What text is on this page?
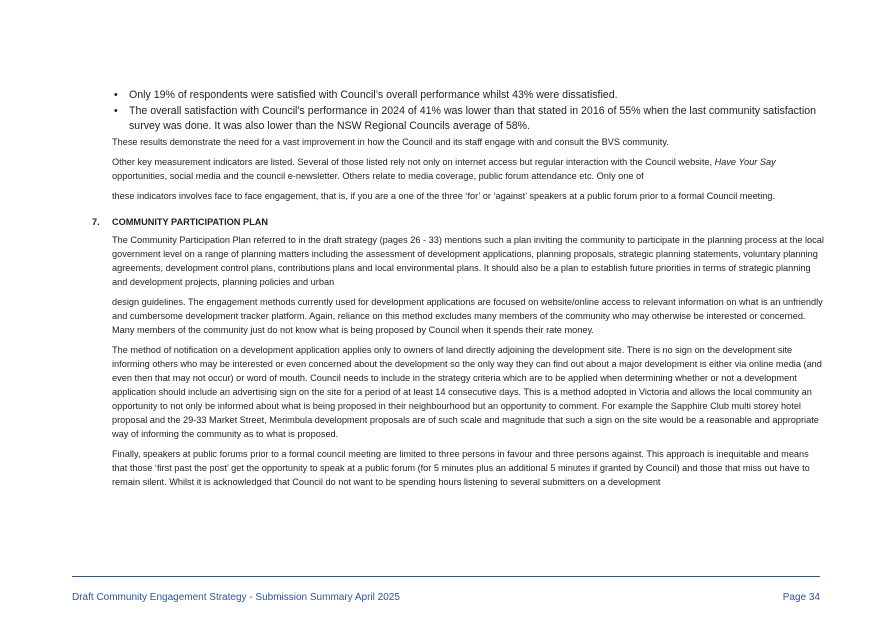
• Only 19% of respondents were satisfied with Council’s overall performance whilst 43% were dissatisfied.
• The overall satisfaction with Council’s performance in 2024 of 41% was lower than that stated in 2016 of 55% when the last community satisfaction survey was done. It was also lower than the NSW Regional Councils average of 58%.

These results demonstrate the need for a vast improvement in how the Council and its staff engage with and consult the BVS community.

Other key measurement indicators are listed. Several of those listed rely not only on internet access but regular interaction with the Council website, Have Your Say opportunities, social media and the council e-newsletter. Others relate to media coverage, public forum attendance etc. Only one of

these indicators involves face to face engagement, that is, if you are a one of the three ‘for’ or ‘against’ speakers at a public forum prior to a formal Council meeting.

7. COMMUNITY PARTICIPATION PLAN

The Community Participation Plan referred to in the draft strategy (pages 26 - 33) mentions such a plan inviting the community to participate in the planning process at the local government level on a range of planning matters including the assessment of development applications, planning proposals, strategic planning statements, voluntary planning agreements, development control plans, contributions plans and local environmental plans. It should also be a plan to establish future priorities in terms of strategic planning and development projects, planning policies and urban

design guidelines. The engagement methods currently used for development applications are focused on website/online access to relevant information on what is an unfriendly and cumbersome development tracker platform. Again, reliance on this method excludes many members of the community who may otherwise be interested or concerned. Many members of the community just do not know what is being proposed by Council when it spends their rate money.

The method of notification on a development application applies only to owners of land directly adjoining the development site. There is no sign on the development site informing others who may be interested or even concerned about the development so the only way they can find out about a major development is either via online media (and even then that may not occur) or word of mouth. Council needs to include in the strategy criteria which are to be applied when determining whether or not a development application should include an advertising sign on the site for a period of at least 14 consecutive days. This is a method adopted in Victoria and allows the local community an opportunity to not only be informed about what is being proposed in their neighbourhood but an opportunity to comment. For example the Sapphire Club multi storey hotel proposal and the 29-33 Market Street, Merimbula development proposals are of such scale and magnitude that such a sign on the site would be a reasonable and appropriate way of informing the community as to what is proposed.

Finally, speakers at public forums prior to a formal council meeting are limited to three persons in favour and three persons against. This approach is inequitable and means that those ‘first past the post’ get the opportunity to speak at a public forum (for 5 minutes plus an additional 5 minutes if granted by Council) and those that miss out have to remain silent. Whilst it is acknowledged that Council do not want to be spending hours listening to several submitters on a development

Draft Community Engagement Strategy - Submission Summary April 2025	Page 34
